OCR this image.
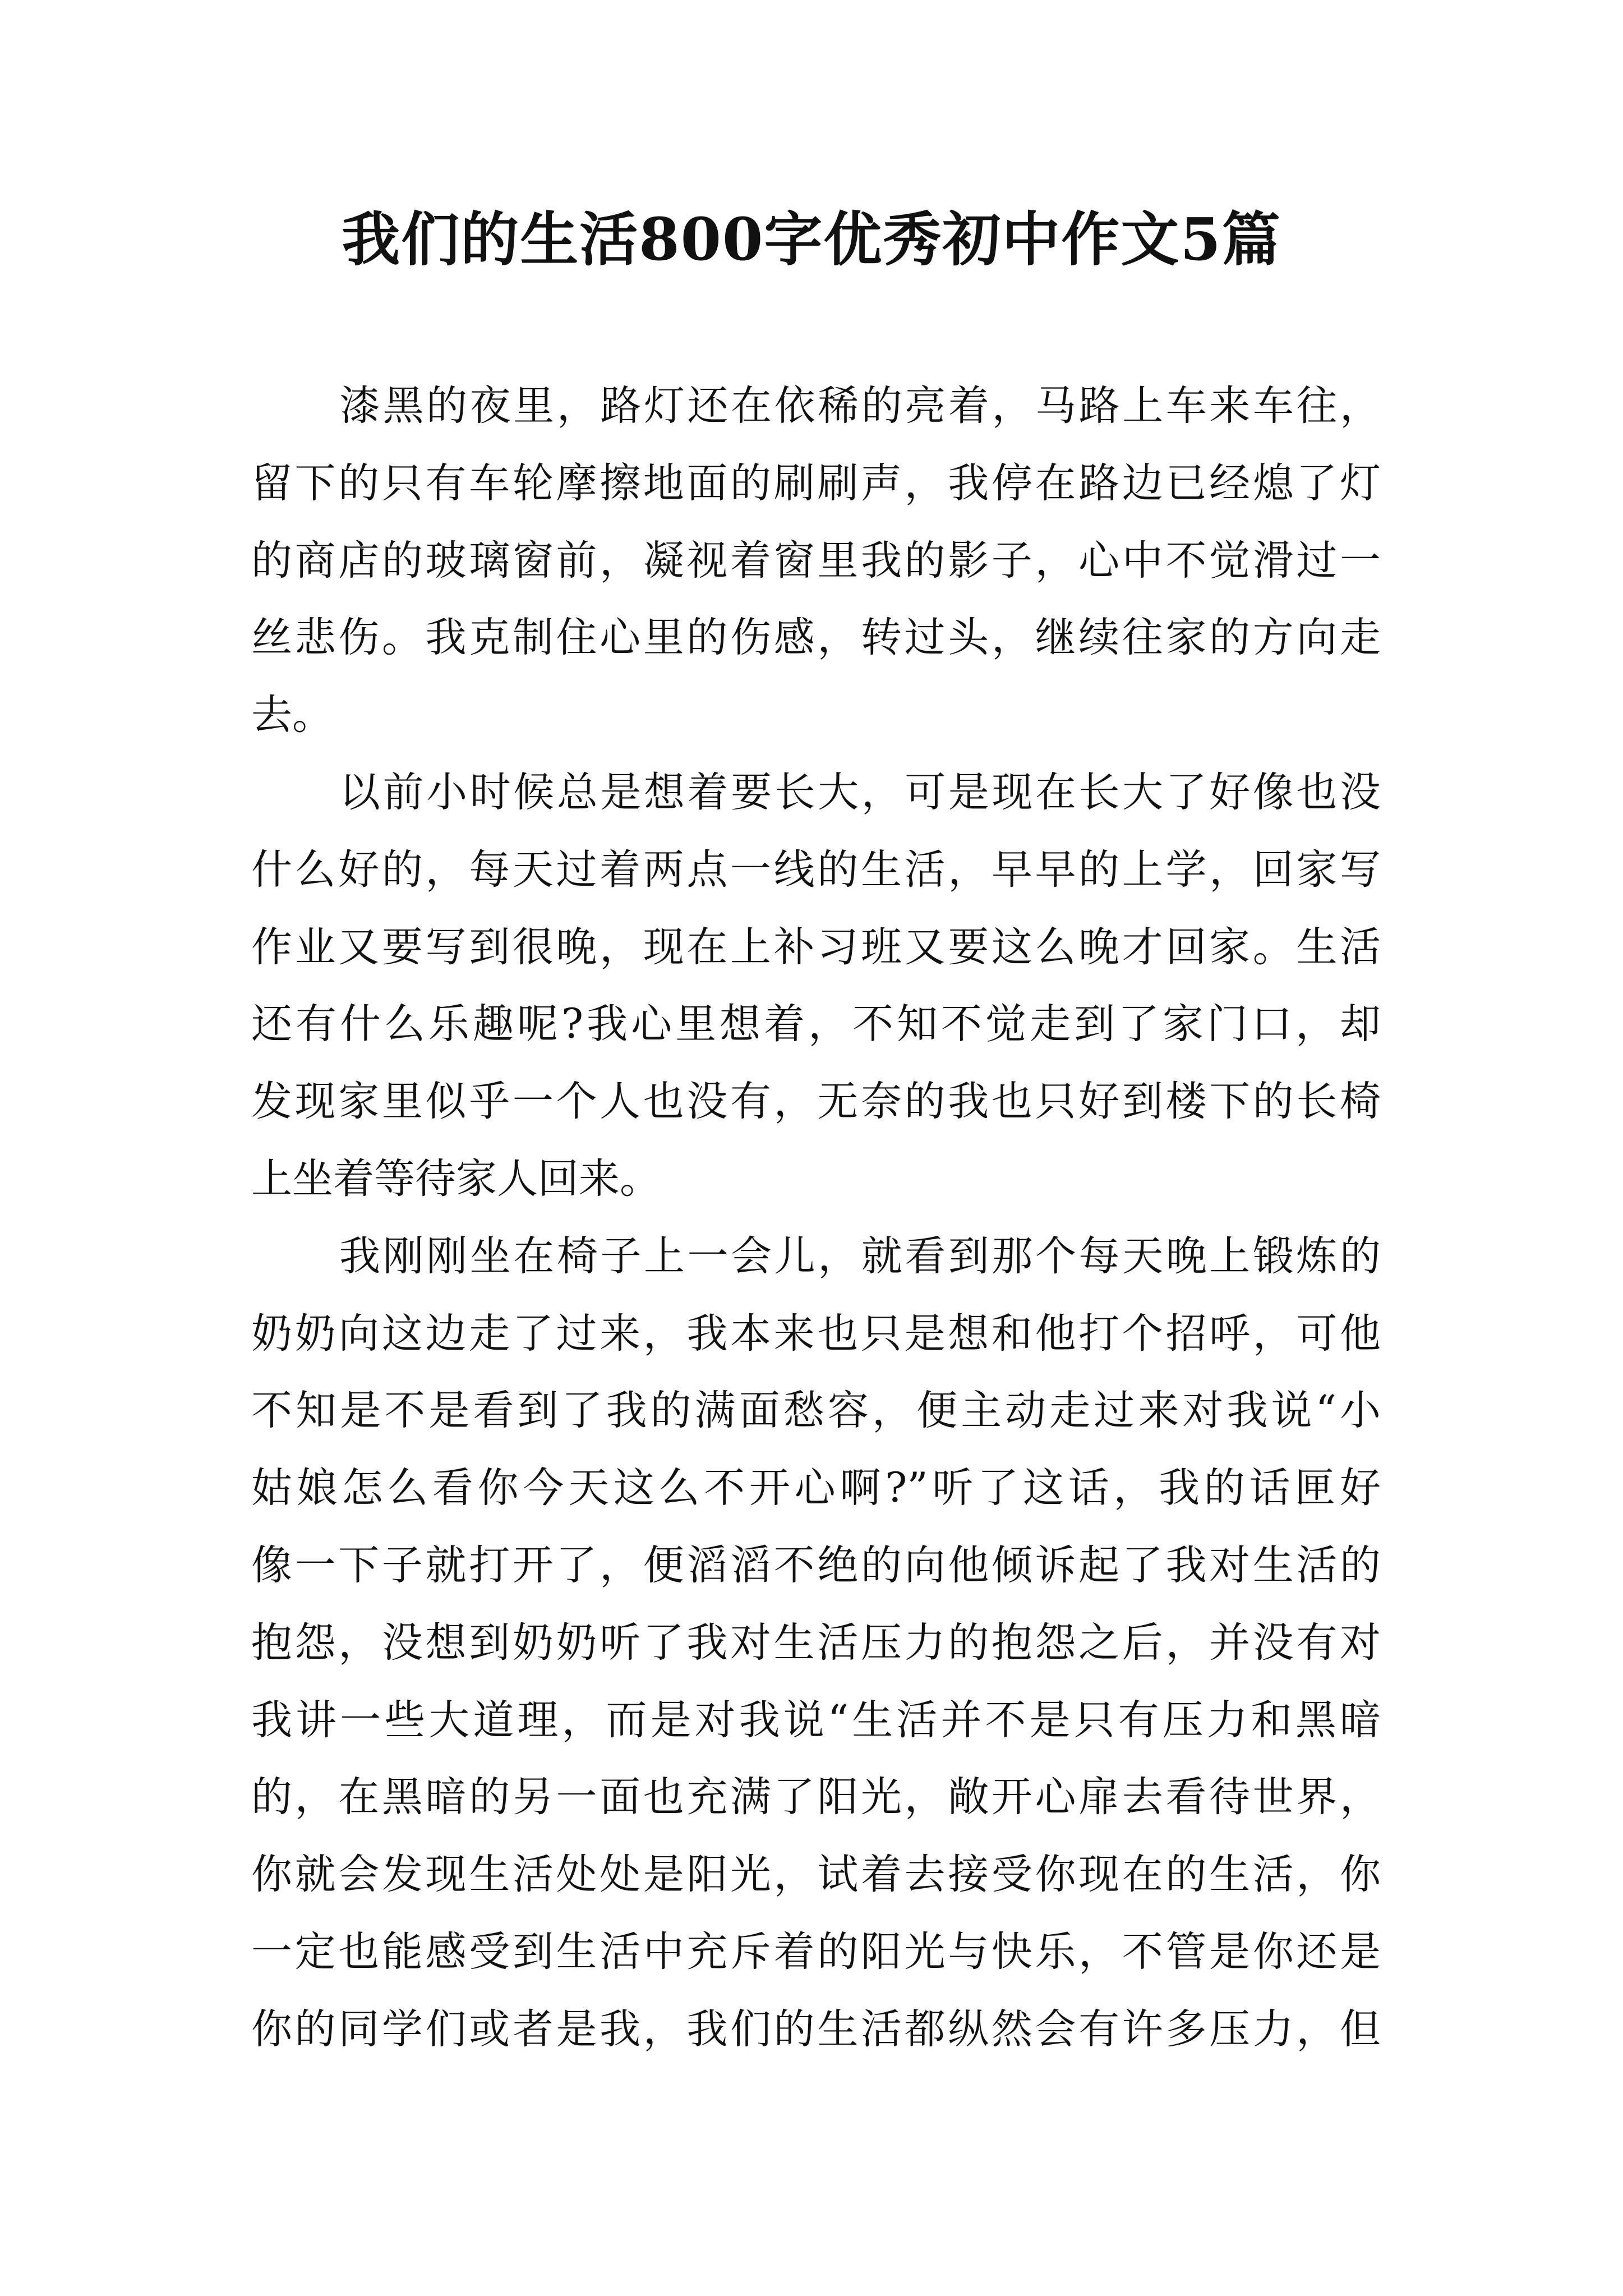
我们的生活800字优秀初中作文5篇
漆黑的夜里，路灯还在依稀的亮着，马路上车来车往，
留下的只有车轮摩擦地面的刷刷声，我停在路边已经熄了灯
的商店的玻璃窗前，凝视着窗里我的影子，心中不觉滑过一
丝悲伤。我克制住心里的伤感，转过头，继续往家的方向走
去。
以前小时候总是想着要长大，可是现在长大了好像也没
什么好的，每天过着两点一线的生活，早早的上学，回家写
作业又要写到很晚，现在上补习班又要这么晚才回家。生活
还有什么乐趣呢?我心里想着，不知不觉走到了家门口，却
发现家里似乎一个人也没有，无奈的我也只好到楼下的长椅
上坐着等待家人回来。
我刚刚坐在椅子上一会儿，就看到那个每天晚上锻炼的
奶奶向这边走了过来，我本来也只是想和他打个招呼，可他
不知是不是看到了我的满面愁容，便主动走过来对我说“小
姑娘怎么看你今天这么不开心啊?”听了这话，我的话匣好
像一下子就打开了，便滔滔不绝的向他倾诉起了我对生活的
抱怨，没想到奶奶听了我对生活压力的抱怨之后，并没有对
我讲一些大道理，而是对我说“生活并不是只有压力和黑暗
的，在黑暗的另一面也充满了阳光，敞开心扉去看待世界，
你就会发现生活处处是阳光，试着去接受你现在的生活，你
一定也能感受到生活中充斥着的阳光与快乐，不管是你还是
你的同学们或者是我，我们的生活都纵然会有许多压力，但
